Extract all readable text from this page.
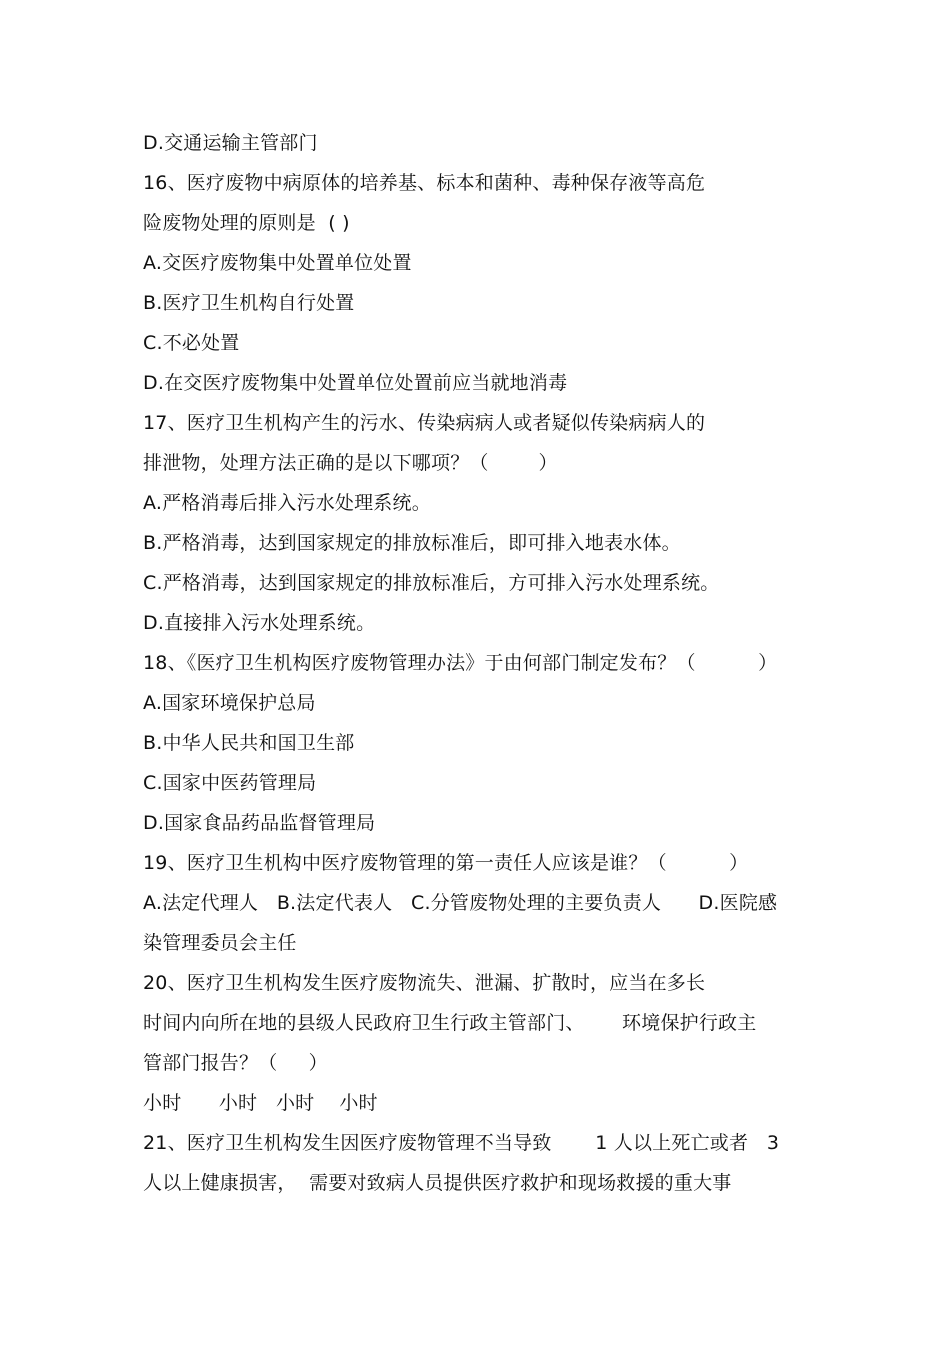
D.交通运输主管部门
16、医疗废物中病原体的培养基、标本和菌种、毒种保存液等高危
险废物处理的原则是  ( )
A.交医疗废物集中处置单位处置
B.医疗卫生机构自行处置
C.不必处置
D.在交医疗废物集中处置单位处置前应当就地消毒
17、医疗卫生机构产生的污水、传染病病人或者疑似传染病病人的
排泄物，处理方法正确的是以下哪项？（        ）
A.严格消毒后排入污水处理系统。
B.严格消毒，达到国家规定的排放标准后，即可排入地表水体。
C.严格消毒，达到国家规定的排放标准后，方可排入污水处理系统。
D.直接排入污水处理系统。
18、《医疗卫生机构医疗废物管理办法》于由何部门制定发布？（          ）
A.国家环境保护总局
B.中华人民共和国卫生部
C.国家中医药管理局
D.国家食品药品监督管理局
19、医疗卫生机构中医疗废物管理的第一责任人应该是谁？（          ）
A.法定代理人   B.法定代表人   C.分管废物处理的主要负责人      D.医院感
染管理委员会主任
20、医疗卫生机构发生医疗废物流失、泄漏、扩散时，应当在多长
时间内向所在地的县级人民政府卫生行政主管部门、      环境保护行政主
管部门报告？（     ）
小时      小时   小时    小时
21、医疗卫生机构发生因医疗废物管理不当导致       1 人以上死亡或者   3
人以上健康损害，  需要对致病人员提供医疗救护和现场救援的重大事
